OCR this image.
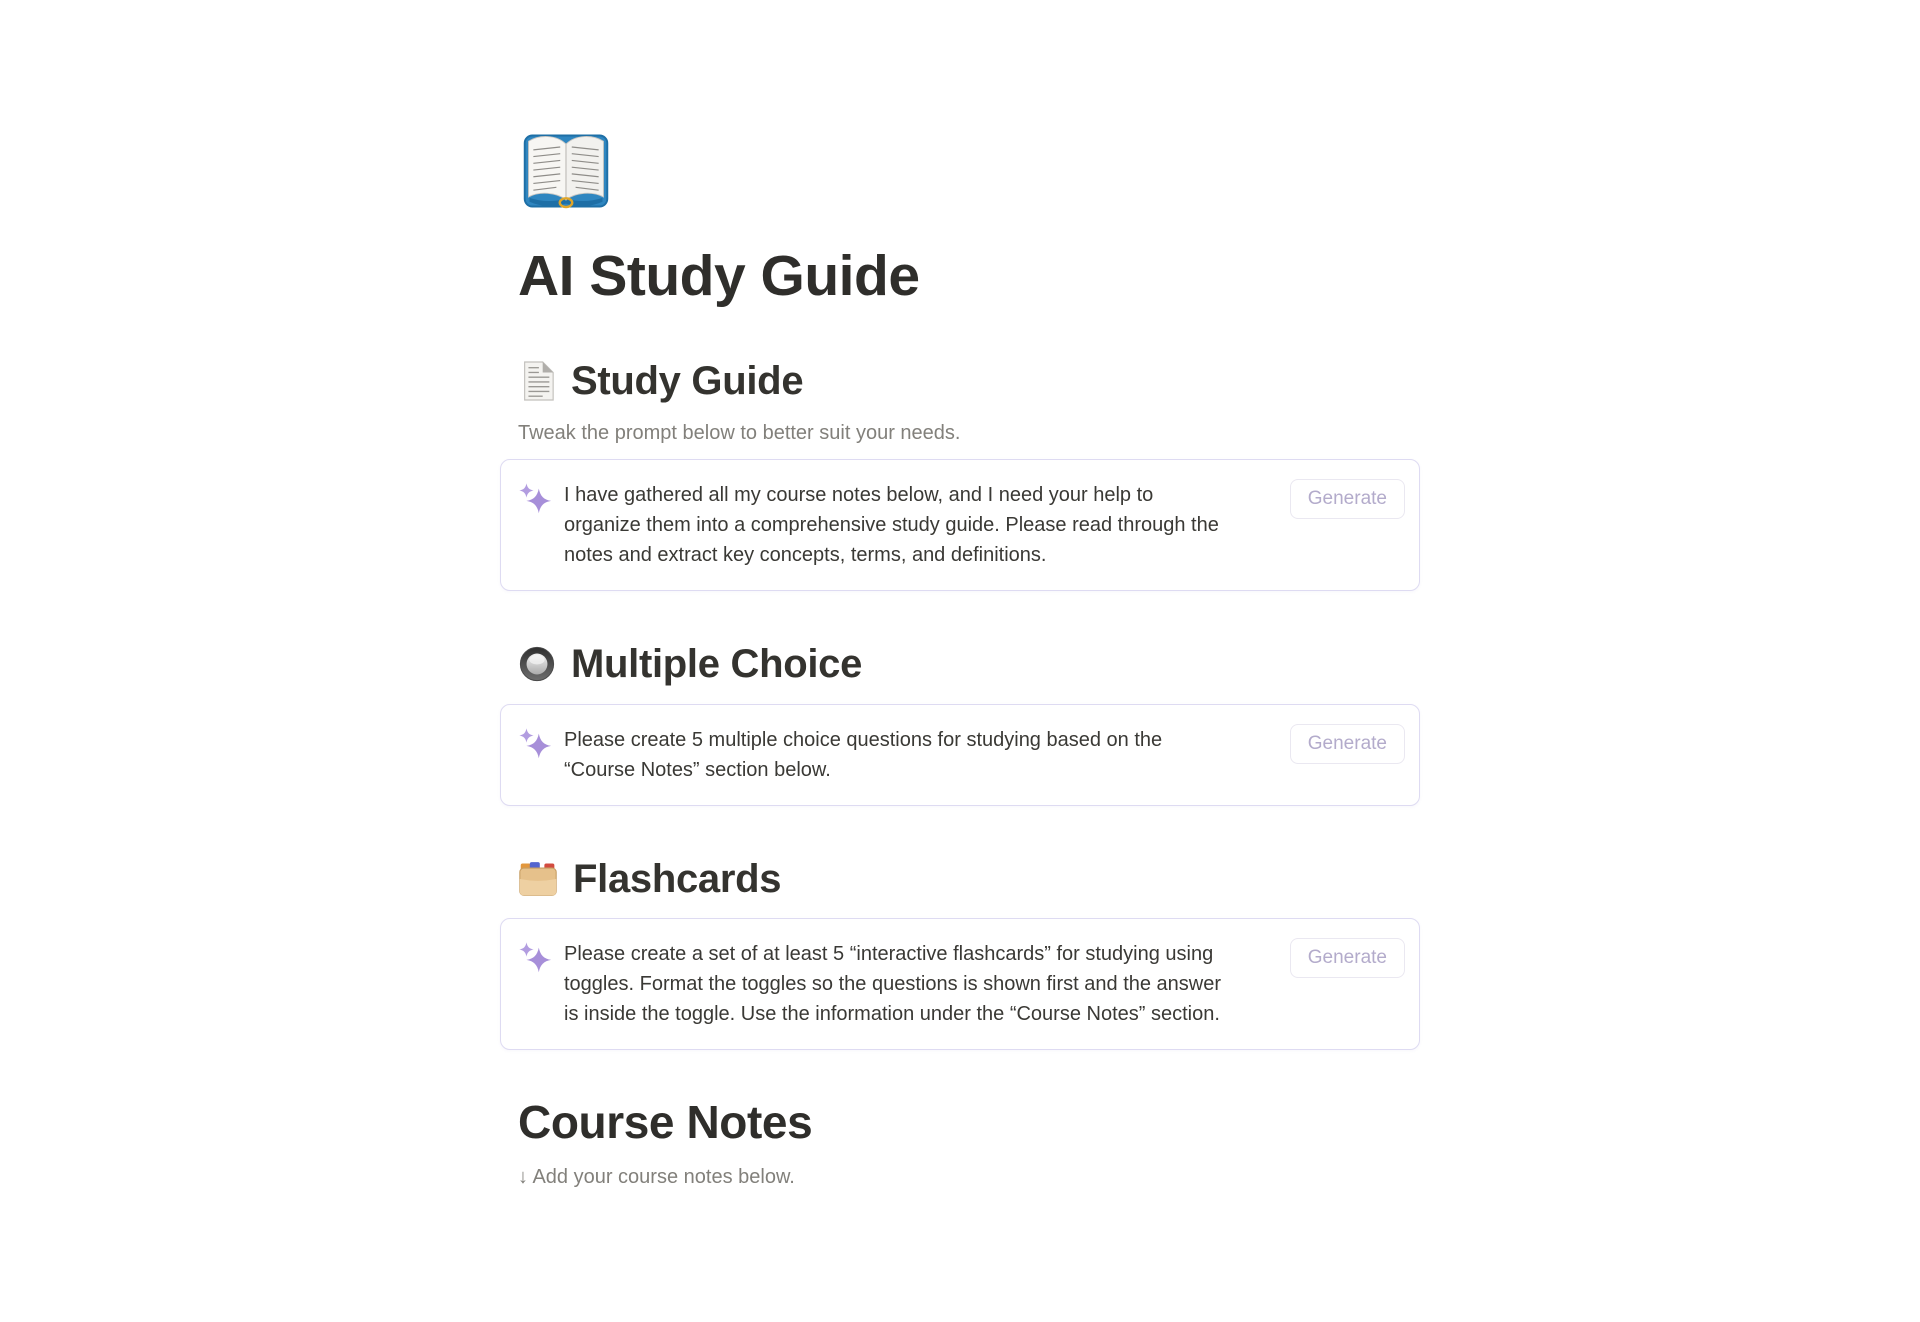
AI Study Guide
Study Guide
Tweak the prompt below to better suit your needs.
I have gathered all my course notes below, and I need your help to
organize them into a comprehensive study guide. Please read through the
notes and extract key concepts, terms, and definitions.
Generate
Multiple Choice
Please create 5 multiple choice questions for studying based on the
“Course Notes” section below.
Generate
Flashcards
Please create a set of at least 5 “interactive flashcards” for studying using
toggles. Format the toggles so the questions is shown first and the answer
is inside the toggle. Use the information under the “Course Notes” section.
Generate
Course Notes
↓ Add your course notes below.
